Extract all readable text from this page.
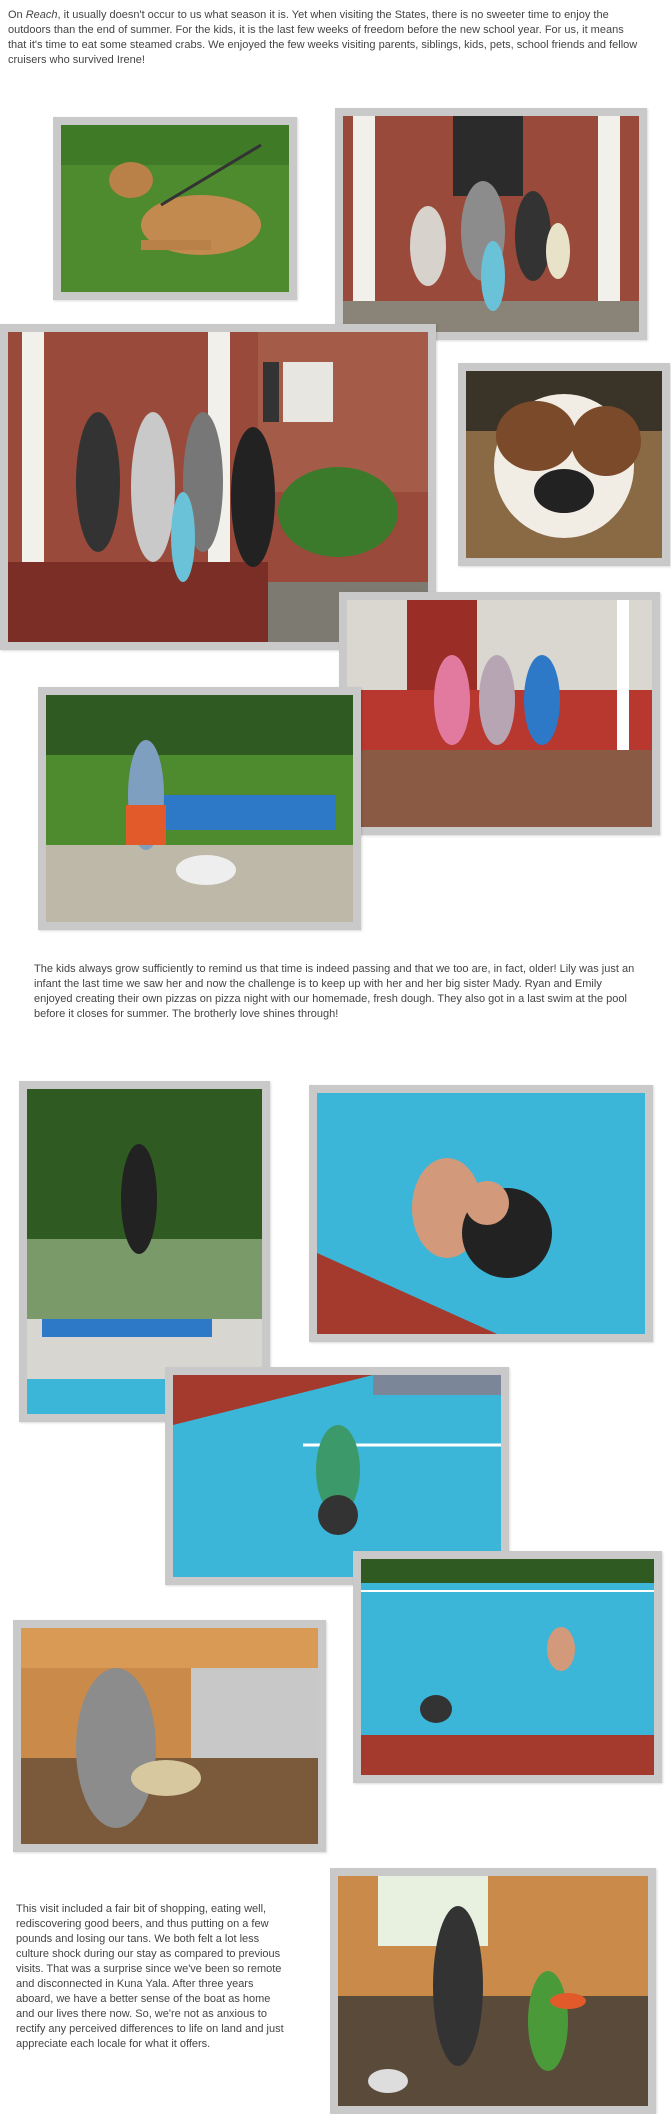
On Reach, it usually doesn't occur to us what season it is. Yet when visiting the States, there is no sweeter time to enjoy the outdoors than the end of summer. For the kids, it is the last few weeks of freedom before the new school year. For us, it means that it's time to eat some steamed crabs. We enjoyed the few weeks visiting parents, siblings, kids, pets, school friends and fellow cruisers who survived Irene!

The kids always grow sufficiently to remind us that time is indeed passing and that we too are, in fact, older! Lily was just an infant the last time we saw her and now the challenge is to keep up with her and her big sister Mady. Ryan and Emily enjoyed creating their own pizzas on pizza night with our homemade, fresh dough. They also got in a last swim at the pool before it closes for summer. The brotherly love shines through!

This visit included a fair bit of shopping, eating well, rediscovering good beers, and thus putting on a few pounds and losing our tans. We both felt a lot less culture shock during our stay as compared to previous visits. That was a surprise since we've been so remote and disconnected in Kuna Yala. After three years aboard, we have a better sense of the boat as home and our lives there now. So, we're not as anxious to rectify any perceived differences to life on land and just appreciate each locale for what it offers.
